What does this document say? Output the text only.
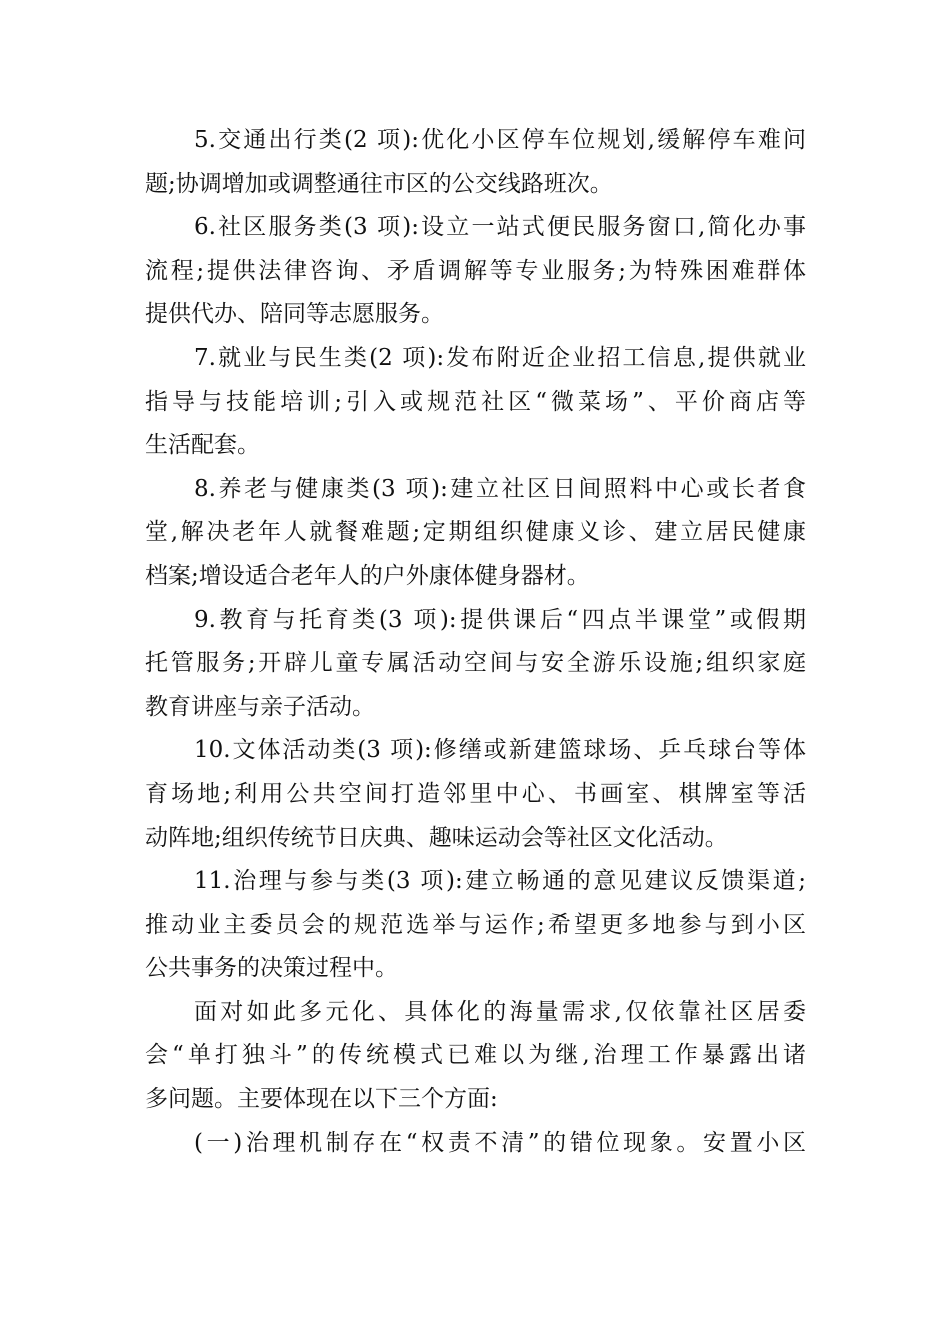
5.交通出行类(2 项):优化小区停车位规划,缓解停车难问
题;协调增加或调整通往市区的公交线路班次。
6.社区服务类(3 项):设立一站式便民服务窗口,简化办事
流程;提供法律咨询、矛盾调解等专业服务;为特殊困难群体
提供代办、陪同等志愿服务。
7.就业与民生类(2 项):发布附近企业招工信息,提供就业
指导与技能培训;引入或规范社区“微菜场”、平价商店等
生活配套。
8.养老与健康类(3 项):建立社区日间照料中心或长者食
堂,解决老年人就餐难题;定期组织健康义诊、建立居民健康
档案;增设适合老年人的户外康体健身器材。
9.教育与托育类(3 项):提供课后“四点半课堂”或假期
托管服务;开辟儿童专属活动空间与安全游乐设施;组织家庭
教育讲座与亲子活动。
10.文体活动类(3 项):修缮或新建篮球场、乒乓球台等体
育场地;利用公共空间打造邻里中心、书画室、棋牌室等活
动阵地;组织传统节日庆典、趣味运动会等社区文化活动。
11.治理与参与类(3 项):建立畅通的意见建议反馈渠道;
推动业主委员会的规范选举与运作;希望更多地参与到小区
公共事务的决策过程中。
面对如此多元化、具体化的海量需求,仅依靠社区居委
会“单打独斗”的传统模式已难以为继,治理工作暴露出诸
多问题。主要体现在以下三个方面:
(一)治理机制存在“权责不清”的错位现象。安置小区
